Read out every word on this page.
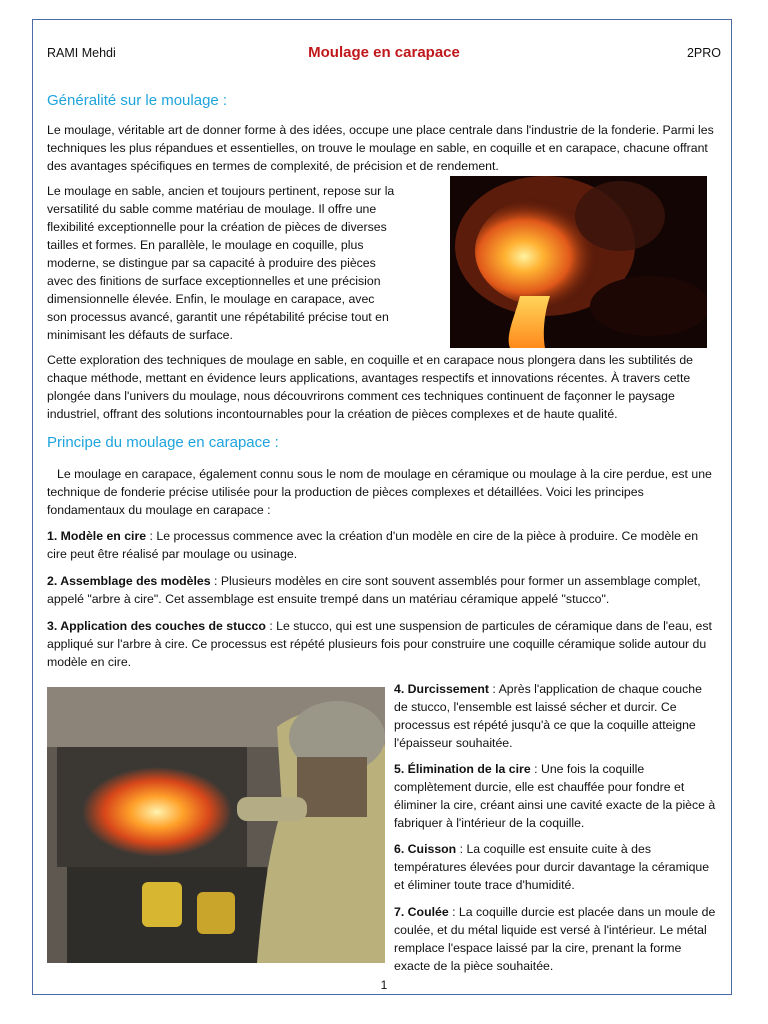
RAMI Mehdi	Moulage en carapace	2PRO
Généralité sur le moulage :

Le moulage, véritable art de donner forme à des idées, occupe une place centrale dans l'industrie de la fonderie. Parmi les techniques les plus répandues et essentielles, on trouve le moulage en sable, en coquille et en carapace, chacune offrant des avantages spécifiques en termes de complexité, de précision et de rendement.

Le moulage en sable, ancien et toujours pertinent, repose sur la versatilité du sable comme matériau de moulage. Il offre une flexibilité exceptionnelle pour la création de pièces de diverses tailles et formes. En parallèle, le moulage en coquille, plus moderne, se distingue par sa capacité à produire des pièces avec des finitions de surface exceptionnelles et une précision dimensionnelle élevée. Enfin, le moulage en carapace, avec son processus avancé, garantit une répétabilité précise tout en minimisant les défauts de surface.

Cette exploration des techniques de moulage en sable, en coquille et en carapace nous plongera dans les subtilités de chaque méthode, mettant en évidence leurs applications, avantages respectifs et innovations récentes. À travers cette plongée dans l'univers du moulage, nous découvrirons comment ces techniques continuent de façonner le paysage industriel, offrant des solutions incontournables pour la création de pièces complexes et de haute qualité.

Principe du moulage en carapace :

Le moulage en carapace, également connu sous le nom de moulage en céramique ou moulage à la cire perdue, est une technique de fonderie précise utilisée pour la production de pièces complexes et détaillées. Voici les principes fondamentaux du moulage en carapace :

1. Modèle en cire : Le processus commence avec la création d'un modèle en cire de la pièce à produire. Ce modèle en cire peut être réalisé par moulage ou usinage.

2. Assemblage des modèles : Plusieurs modèles en cire sont souvent assemblés pour former un assemblage complet, appelé "arbre à cire". Cet assemblage est ensuite trempé dans un matériau céramique appelé "stucco".

3. Application des couches de stucco : Le stucco, qui est une suspension de particules de céramique dans de l'eau, est appliqué sur l'arbre à cire. Ce processus est répété plusieurs fois pour construire une coquille céramique solide autour du modèle en cire.

4. Durcissement : Après l'application de chaque couche de stucco, l'ensemble est laissé sécher et durcir. Ce processus est répété jusqu'à ce que la coquille atteigne l'épaisseur souhaitée.

5. Élimination de la cire : Une fois la coquille complètement durcie, elle est chauffée pour fondre et éliminer la cire, créant ainsi une cavité exacte de la pièce à fabriquer à l'intérieur de la coquille.

6. Cuisson : La coquille est ensuite cuite à des températures élevées pour durcir davantage la céramique et éliminer toute trace d'humidité.

7. Coulée : La coquille durcie est placée dans un moule de coulée, et du métal liquide est versé à l'intérieur. Le métal remplace l'espace laissé par la cire, prenant la forme exacte de la pièce souhaitée.

1
